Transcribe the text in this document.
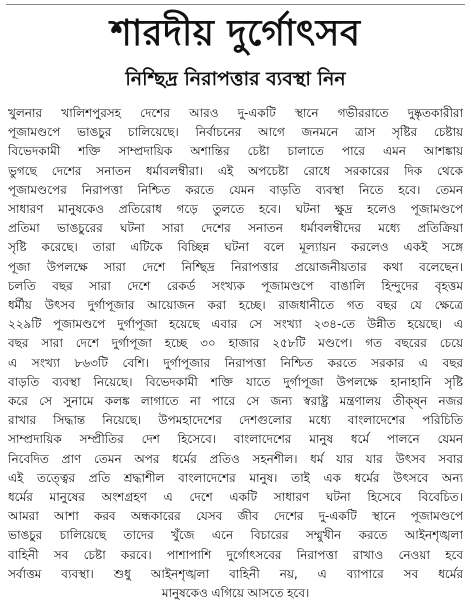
শারদীয় দুর্গোৎসব
নিশ্ছিদ্র নিরাপত্তার ব্যবস্থা নিন
খুলনার খালিশপুরসহ দেশের আরও দু-একটি স্থানে গভীররাতে দুষ্কৃতকারীরা
পূজামণ্ডপে ভাঙচুর চালিয়েছে। নির্বাচনের আগে জনমনে ত্রাস সৃষ্টির চেষ্টায়
বিভেদকামী শক্তি সাম্প্রদায়িক অশান্তির চেষ্টা চালাতে পারে এমন আশঙ্কায়
ভুগছে দেশের সনাতন ধর্মাবলম্বীরা। এই অপচেষ্টা রোধে সরকারের দিক থেকে
পূজামণ্ডপের নিরাপত্তা নিশ্চিত করতে যেমন বাড়তি ব্যবস্থা নিতে হবে। তেমন
সাধারণ মানুষকেও প্রতিরোধ গড়ে তুলতে হবে। ঘটনা ক্ষুদ্র হলেও পূজামণ্ডপে
প্রতিমা ভাঙচুরের ঘটনা সারা দেশের সনাতন ধর্মাবলম্বীদের মধ্যে প্রতিক্রিয়া
সৃষ্টি করেছে। তারা এটিকে বিচ্ছিন্ন ঘটনা বলে মূল্যায়ন করলেও একই সঙ্গে
পূজা উপলক্ষে সারা দেশে নিশ্ছিদ্র নিরাপত্তার প্রয়োজনীয়তার কথা বলেছেন।
চলতি বছর সারা দেশে রেকর্ড সংখ্যক পূজামণ্ডপে বাঙালি হিন্দুদের বৃহত্তম
ধর্মীয় উৎসব দুর্গাপূজার আয়োজন করা হচ্ছে। রাজধানীতে গত বছর যে ক্ষেত্রে
২২৯টি পূজামণ্ডপে দুর্গাপূজা হয়েছে এবার সে সংখ্যা ২৩৪-তে উন্নীত হয়েছে। এ
বছর সারা দেশে দুর্গাপূজা হচ্ছে ৩০ হাজার ২৫৮টি মণ্ডপে। গত বছরের চেয়ে
এ সংখ্যা ৮৬৩টি বেশি। দুর্গাপূজার নিরাপত্তা নিশ্চিত করতে সরকার এ বছর
বাড়তি ব্যবস্থা নিয়েছে। বিভেদকামী শক্তি যাতে দুর্গাপূজা উপলক্ষে হানাহানি সৃষ্টি
করে সে সুনামে কলঙ্ক লাগাতে না পারে সে জন্য স্বরাষ্ট্র মন্ত্রণালয় তীক্ষ্ন নজর
রাখার সিদ্ধান্ত নিয়েছে। উপমহাদেশের দেশগুলোর মধ্যে বাংলাদেশের পরিচিতি
সাম্প্রদায়িক সম্প্রীতির দেশ হিসেবে। বাংলাদেশের মানুষ ধর্মে পালনে যেমন
নিবেদিত প্রাণ তেমন অপর ধর্মের প্রতিও সহনশীল। ধর্ম যার যার উৎসব সবার
এই তত্ত্বের প্রতি শ্রদ্ধাশীল বাংলাদেশের মানুষ। তাই এক ধর্মের উৎসবে অন্য
ধর্মের মানুষের অংশগ্রহণ এ দেশে একটি সাধারণ ঘটনা হিসেবে বিবেচিত।
আমরা আশা করব অন্ধকারের যেসব জীব দেশের দু-একটি স্থানে পূজামণ্ডপে
ভাঙচুর চালিয়েছে তাদের খুঁজে এনে বিচারের সম্মুখীন করতে আইনশৃঙ্খলা
বাহিনী সব চেষ্টা করবে। পাশাপাশি দুর্গোৎসবের নিরাপত্তা রাখাও নেওয়া হবে
সর্বাত্তম ব্যবস্থা। শুধু আইনশৃঙ্খলা বাহিনী নয়, এ ব্যাপারে সব ধর্মের
মানুষকেও এগিয়ে আসতে হবে।
